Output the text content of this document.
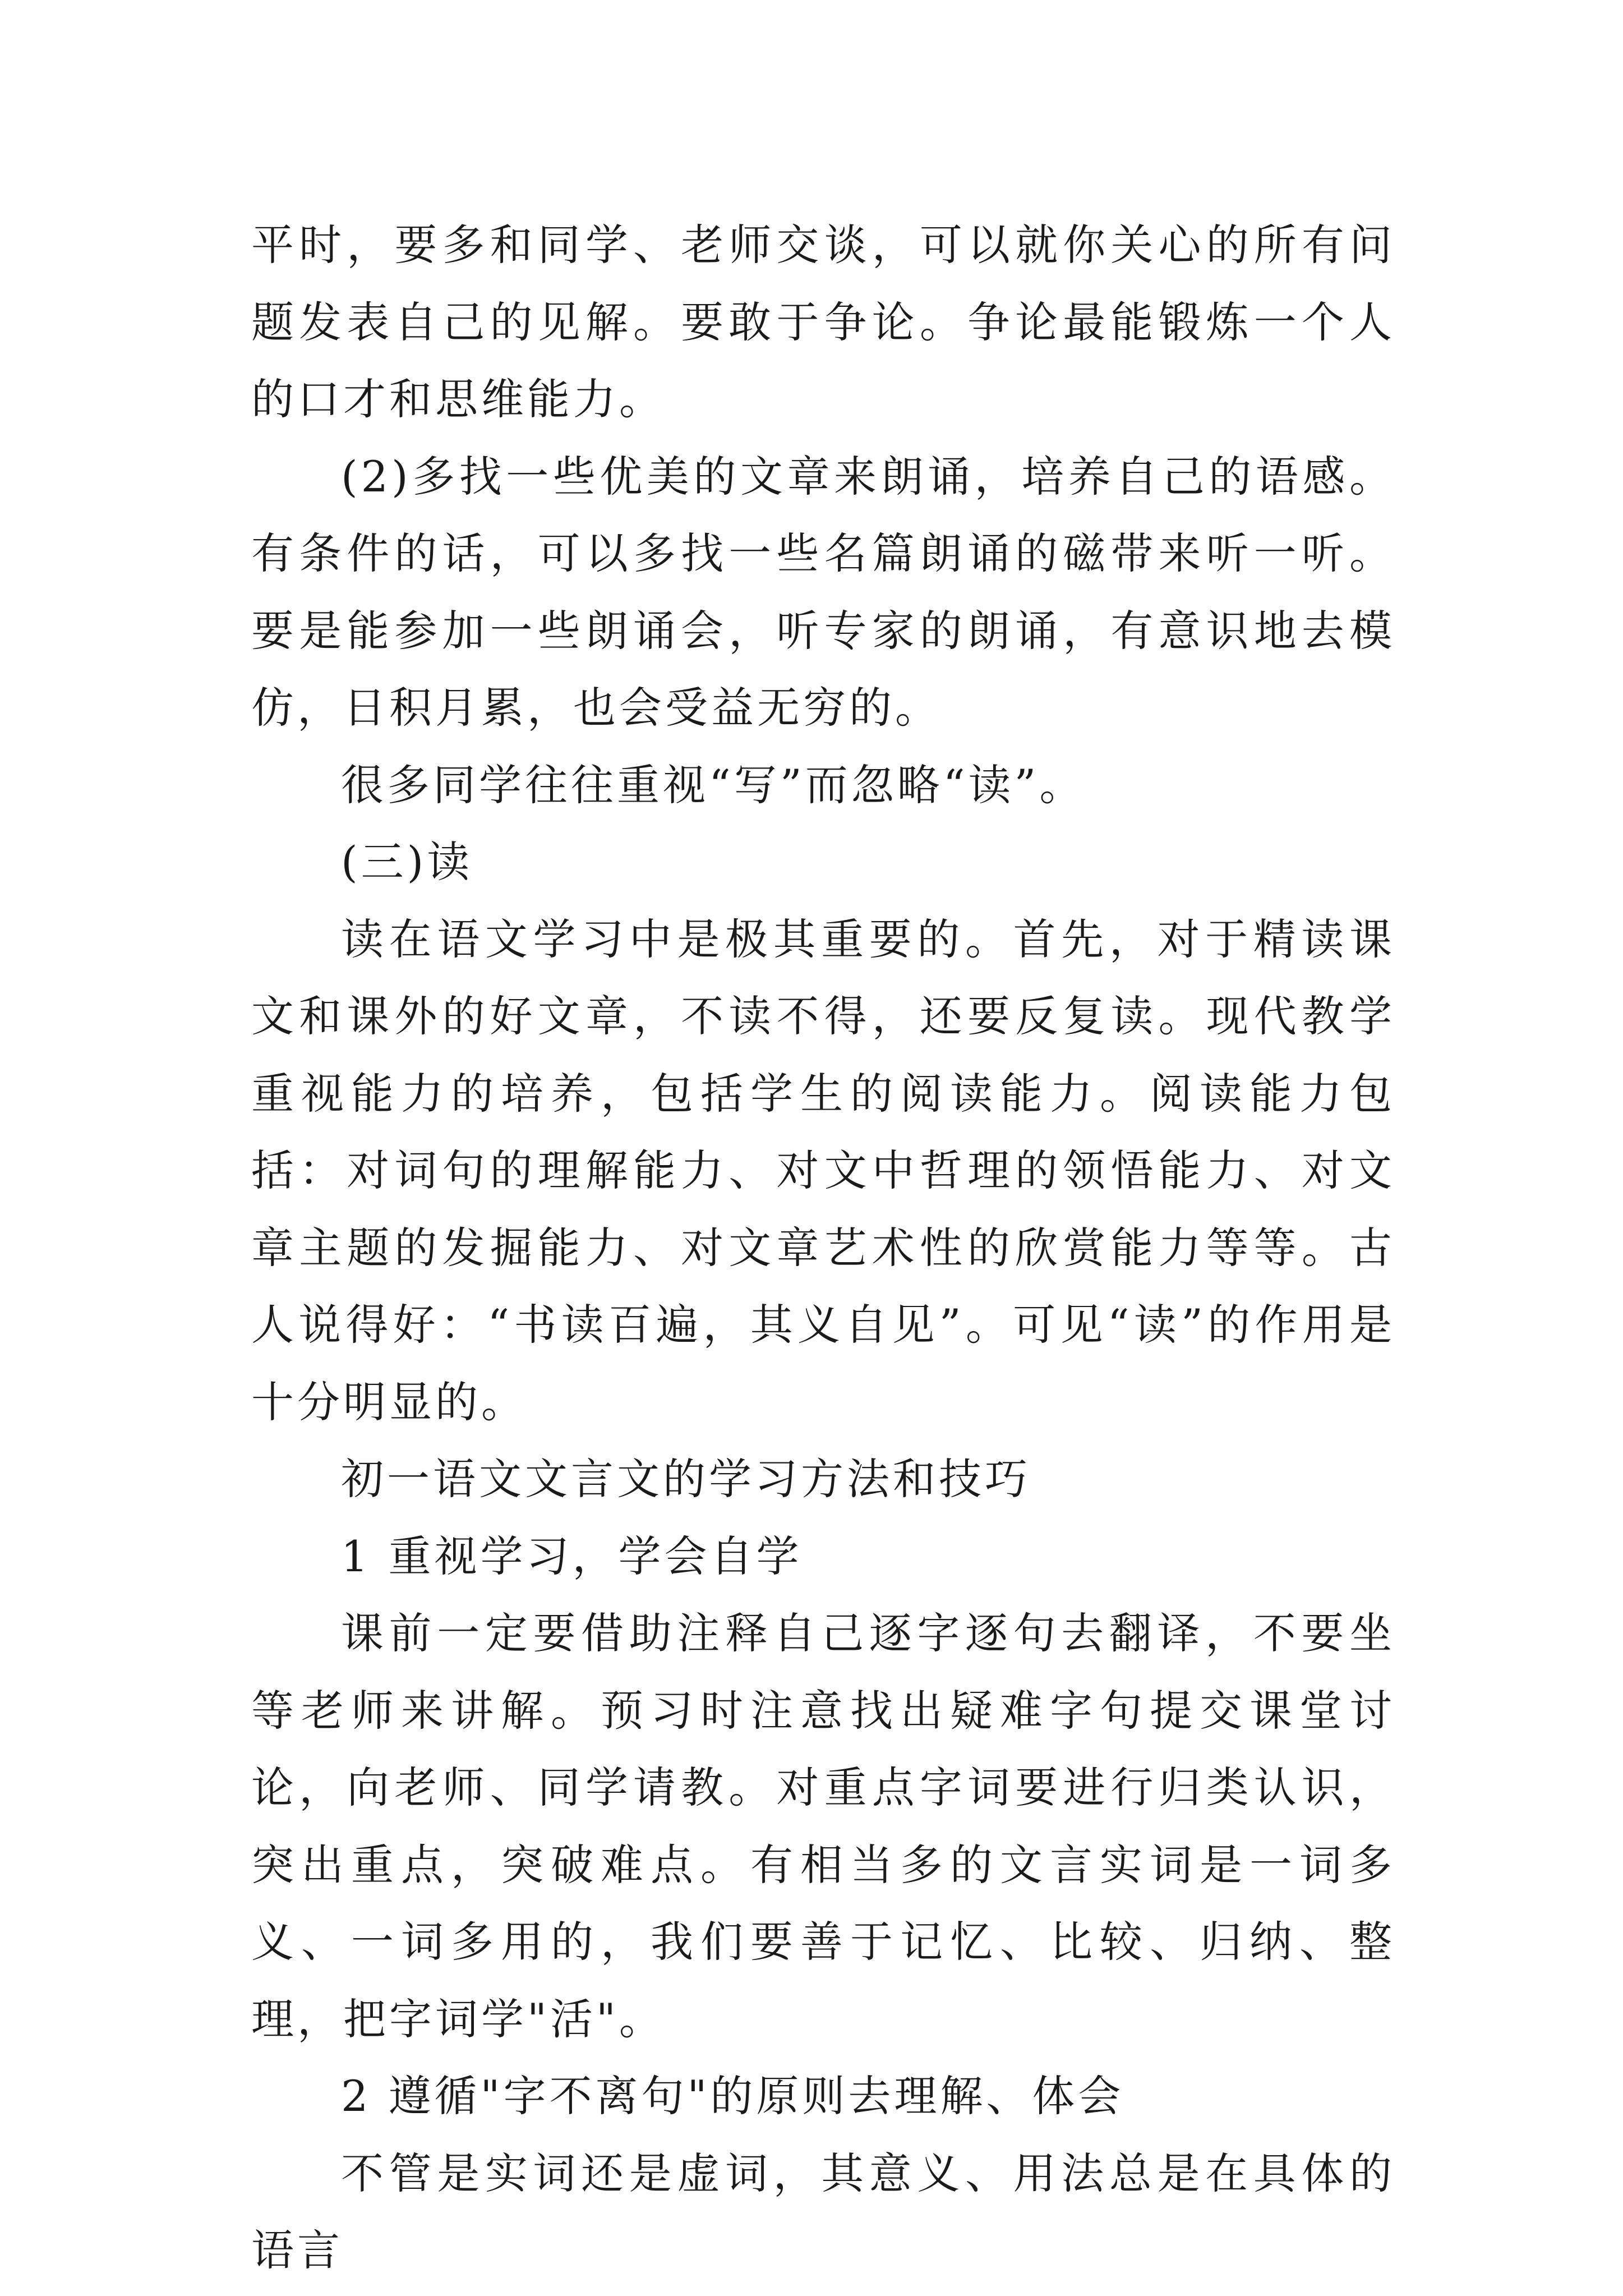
平时，要多和同学、老师交谈，可以就你关心的所有问题发表自己的见解。要敢于争论。争论最能锻炼一个人的口才和思维能力。

(2)多找一些优美的文章来朗诵，培养自己的语感。有条件的话，可以多找一些名篇朗诵的磁带来听一听。要是能参加一些朗诵会，听专家的朗诵，有意识地去模仿，日积月累，也会受益无穷的。

很多同学往往重视“写”而忽略“读”。

(三)读

读在语文学习中是极其重要的。首先，对于精读课文和课外的好文章，不读不得，还要反复读。现代教学重视能力的培养，包括学生的阅读能力。阅读能力包括：对词句的理解能力、对文中哲理的领悟能力、对文章主题的发掘能力、对文章艺术性的欣赏能力等等。古人说得好：“书读百遍，其义自见”。可见“读”的作用是十分明显的。

初一语文文言文的学习方法和技巧

1 重视学习，学会自学

课前一定要借助注释自己逐字逐句去翻译，不要坐等老师来讲解。预习时注意找出疑难字句提交课堂讨论，向老师、同学请教。对重点字词要进行归类认识，突出重点，突破难点。有相当多的文言实词是一词多义、一词多用的，我们要善于记忆、比较、归纳、整理，把字词学"活"。

2 遵循"字不离句"的原则去理解、体会

不管是实词还是虚词，其意义、用法总是在具体的语言
